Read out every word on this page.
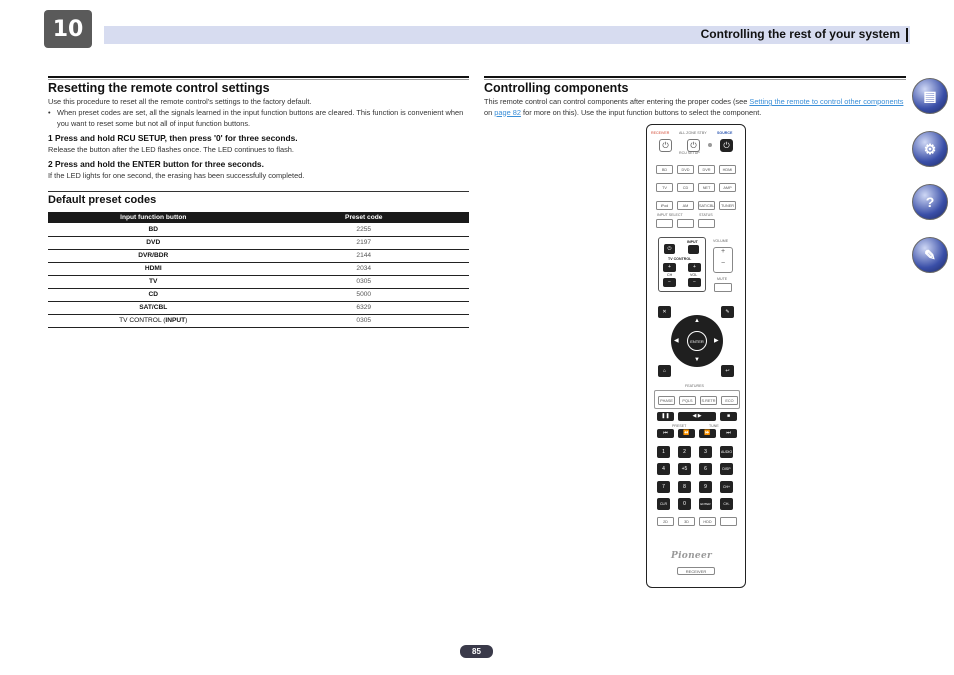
10	Controlling the rest of your system
Resetting the remote control settings
Use this procedure to reset all the remote control's settings to the factory default.
• When preset codes are set, all the signals learned in the input function buttons are cleared. This function is convenient when you want to reset some but not all of input function buttons.
1 Press and hold RCU SETUP, then press '0' for three seconds.
Release the button after the LED flashes once. The LED continues to flash.
2 Press and hold the ENTER button for three seconds.
If the LED lights for one second, the erasing has been successfully completed.
Default preset codes
Input function button	Preset code
BD	2255
DVD	2197
DVR/BDR	2144
HDMI	2034
TV	0305
CD	5000
SAT/CBL	6329
TV CONTROL (INPUT)	0305
Controlling components
This remote control can control components after entering the proper codes (see Setting the remote to control other components on page 82 for more on this). Use the input function buttons to select the component.
RECEIVER	ALL ZONE STBY	SOURCE
⏻
⏻
⏻
RCU SETUP
BD	DVD	DVR	HDMI
TV	CD	NET	AMP
iPod	AM	SAT/CBL	TUNER
INPUT SELECT	STATUS
INPUT
⏻
TV CONTROL
+	+
CH	VOL
−	−
VOLUME
+
−
MUTE
✕	✎
▲
▼
◀	▶
ENTER
⌂	↩
FEATURES
PHASE	PQLS	S.RETR	ECO
❚❚	◀ ▶	■
PRESET	TUNE
⏮	⏪	⏩	⏭
1	2	3	AUDIO
4	+5	6	DISP
7	8	9	CH+
CLR	0	ENTER	CH-
2D	3D	HDD
Pioneer
RECEIVER
▤
⚙
?
✎
85
